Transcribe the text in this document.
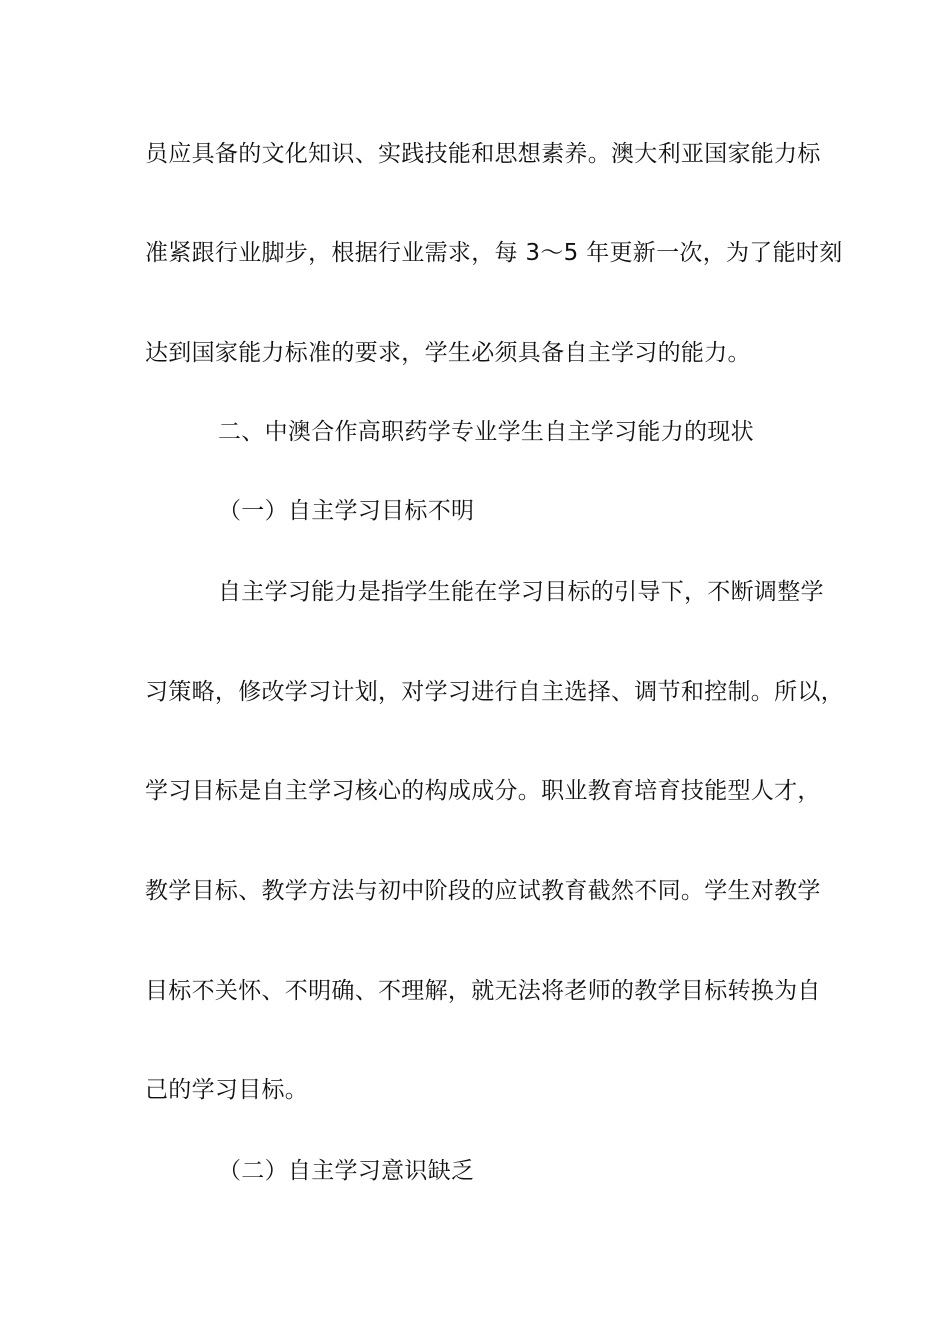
员应具备的文化知识、实践技能和思想素养。澳大利亚国家能力标
准紧跟行业脚步，根据行业需求，每 3～5 年更新一次，为了能时刻
达到国家能力标准的要求，学生必须具备自主学习的能力。
二、中澳合作高职药学专业学生自主学习能力的现状
（一）自主学习目标不明
自主学习能力是指学生能在学习目标的引导下，不断调整学
习策略，修改学习计划，对学习进行自主选择、调节和控制。所以，
学习目标是自主学习核心的构成成分。职业教育培育技能型人才，
教学目标、教学方法与初中阶段的应试教育截然不同。学生对教学
目标不关怀、不明确、不理解，就无法将老师的教学目标转换为自
己的学习目标。
（二）自主学习意识缺乏
